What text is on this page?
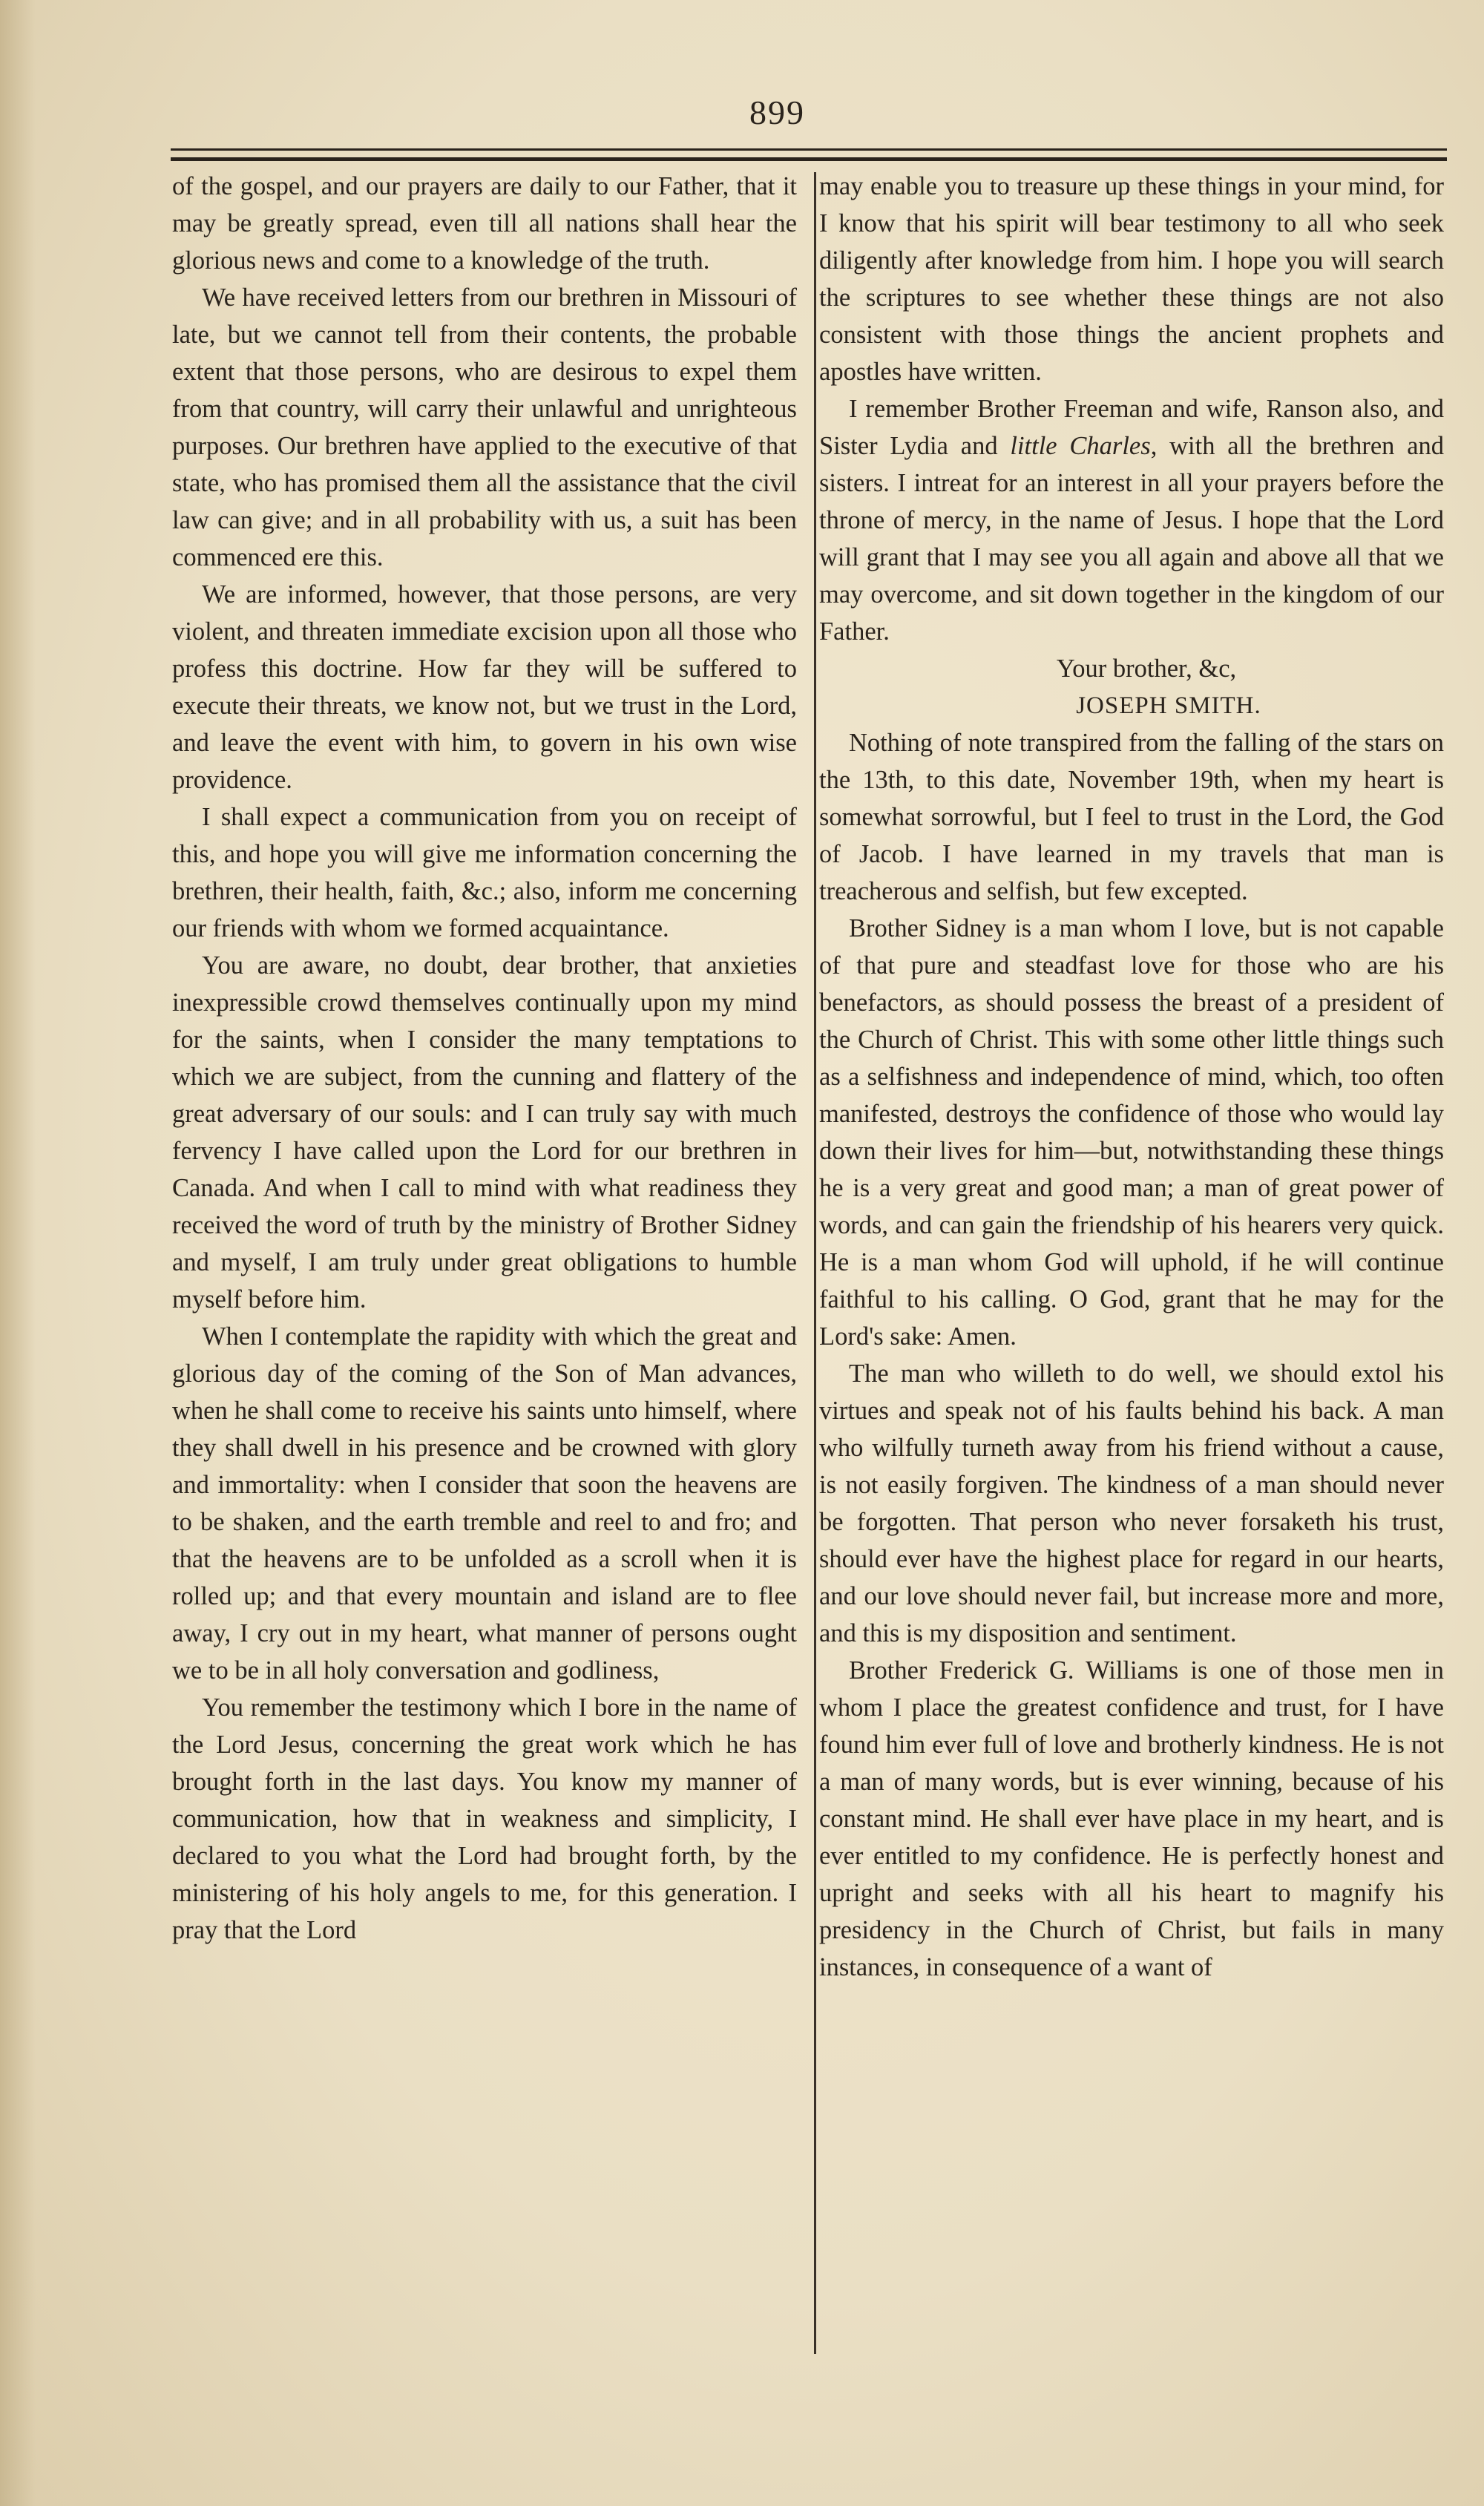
899

of the gospel, and our prayers are daily to our Father, that it may be greatly spread, even till all nations shall hear the glorious news and come to a knowledge of the truth.

We have received letters from our brethren in Missouri of late, but we cannot tell from their contents, the probable extent that those persons, who are desirous to expel them from that country, will carry their unlawful and unrighteous purposes. Our brethren have applied to the executive of that state, who has promised them all the assistance that the civil law can give; and in all probability with us, a suit has been commenced ere this.

We are informed, however, that those persons, are very violent, and threaten immediate excision upon all those who profess this doctrine. How far they will be suffered to execute their threats, we know not, but we trust in the Lord, and leave the event with him, to govern in his own wise providence.

I shall expect a communication from you on receipt of this, and hope you will give me information concerning the brethren, their health, faith, &c.; also, inform me concerning our friends with whom we formed acquaintance.

You are aware, no doubt, dear brother, that anxieties inexpressible crowd themselves continually upon my mind for the saints, when I consider the many temptations to which we are subject, from the cunning and flattery of the great adversary of our souls: and I can truly say with much fervency I have called upon the Lord for our brethren in Canada. And when I call to mind with what readiness they received the word of truth by the ministry of Brother Sidney and myself, I am truly under great obligations to humble myself before him.

When I contemplate the rapidity with which the great and glorious day of the coming of the Son of Man advances, when he shall come to receive his saints unto himself, where they shall dwell in his presence and be crowned with glory and immortality: when I consider that soon the heavens are to be shaken, and the earth tremble and reel to and fro; and that the heavens are to be unfolded as a scroll when it is rolled up; and that every mountain and island are to flee away, I cry out in my heart, what manner of persons ought we to be in all holy conversation and godliness,

You remember the testimony which I bore in the name of the Lord Jesus, concerning the great work which he has brought forth in the last days. You know my manner of communication, how that in weakness and simplicity, I declared to you what the Lord had brought forth, by the ministering of his holy angels to me, for this generation. I pray that the Lord

may enable you to treasure up these things in your mind, for I know that his spirit will bear testimony to all who seek diligently after knowledge from him. I hope you will search the scriptures to see whether these things are not also consistent with those things the ancient prophets and apostles have written.

I remember Brother Freeman and wife, Ranson also, and Sister Lydia and little Charles, with all the brethren and sisters. I intreat for an interest in all your prayers before the throne of mercy, in the name of Jesus. I hope that the Lord will grant that I may see you all again and above all that we may overcome, and sit down together in the kingdom of our Father.

Your brother, &c,

JOSEPH SMITH.

Nothing of note transpired from the falling of the stars on the 13th, to this date, November 19th, when my heart is somewhat sorrowful, but I feel to trust in the Lord, the God of Jacob. I have learned in my travels that man is treacherous and selfish, but few excepted.

Brother Sidney is a man whom I love, but is not capable of that pure and steadfast love for those who are his benefactors, as should possess the breast of a president of the Church of Christ. This with some other little things such as a selfishness and independence of mind, which, too often manifested, destroys the confidence of those who would lay down their lives for him—but, notwithstanding these things he is a very great and good man; a man of great power of words, and can gain the friendship of his hearers very quick. He is a man whom God will uphold, if he will continue faithful to his calling. O God, grant that he may for the Lord's sake: Amen.

The man who willeth to do well, we should extol his virtues and speak not of his faults behind his back. A man who wilfully turneth away from his friend without a cause, is not easily forgiven. The kindness of a man should never be forgotten. That person who never forsaketh his trust, should ever have the highest place for regard in our hearts, and our love should never fail, but increase more and more, and this is my disposition and sentiment.

Brother Frederick G. Williams is one of those men in whom I place the greatest confidence and trust, for I have found him ever full of love and brotherly kindness. He is not a man of many words, but is ever winning, because of his constant mind. He shall ever have place in my heart, and is ever entitled to my confidence. He is perfectly honest and upright and seeks with all his heart to magnify his presidency in the Church of Christ, but fails in many instances, in consequence of a want of
